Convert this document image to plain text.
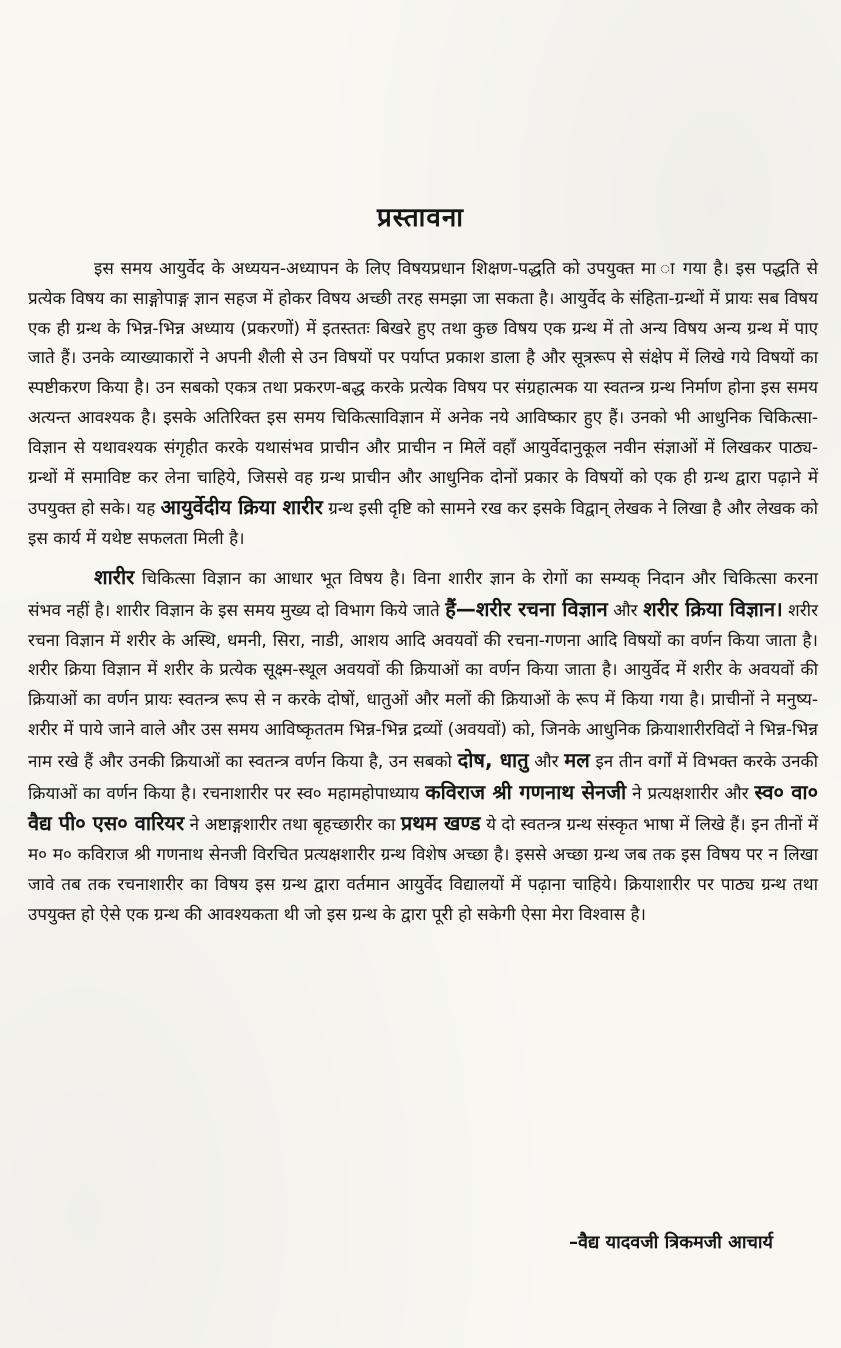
प्रस्तावना

इस समय आयुर्वेद के अध्ययन-अध्यापन के लिए विषयप्रधान शिक्षण-पद्धति को उपयुक्त मा ा गया है। इस पद्धति से प्रत्येक विषय का साङ्गोपाङ्ग ज्ञान सहज में होकर विषय अच्छी तरह समझा जा सकता है। आयुर्वेद के संहिता-ग्रन्थों में प्रायः सब विषय एक ही ग्रन्थ के भिन्न-भिन्न अध्याय (प्रकरणों) में इतस्ततः बिखरे हुए तथा कुछ विषय एक ग्रन्थ में तो अन्य विषय अन्य ग्रन्थ में पाए जाते हैं। उनके व्याख्याकारों ने अपनी शैली से उन विषयों पर पर्याप्त प्रकाश डाला है और सूत्ररूप से संक्षेप में लिखे गये विषयों का स्पष्टीकरण किया है। उन सबको एकत्र तथा प्रकरण-बद्ध करके प्रत्येक विषय पर संग्रहात्मक या स्वतन्त्र ग्रन्थ निर्माण होना इस समय अत्यन्त आवश्यक है। इसके अतिरिक्त इस समय चिकित्साविज्ञान में अनेक नये आविष्कार हुए हैं। उनको भी आधुनिक चिकित्सा-विज्ञान से यथावश्यक संगृहीत करके यथासंभव प्राचीन और प्राचीन न मिलें वहाँ आयुर्वेदानुकूल नवीन संज्ञाओं में लिखकर पाठ्य-ग्रन्थों में समाविष्ट कर लेना चाहिये, जिससे वह ग्रन्थ प्राचीन और आधुनिक दोनों प्रकार के विषयों को एक ही ग्रन्थ द्वारा पढ़ाने में उपयुक्त हो सके। यह आयुर्वेदीय क्रिया शारीर ग्रन्थ इसी दृष्टि को सामने रख कर इसके विद्वान् लेखक ने लिखा है और लेखक को इस कार्य में यथेष्ट सफलता मिली है।

शारीर चिकित्सा विज्ञान का आधार भूत विषय है। विना शारीर ज्ञान के रोगों का सम्यक् निदान और चिकित्सा करना संभव नहीं है। शारीर विज्ञान के इस समय मुख्य दो विभाग किये जाते हैं—शरीर रचना विज्ञान और शरीर क्रिया विज्ञान। शरीर रचना विज्ञान में शरीर के अस्थि, धमनी, सिरा, नाडी, आशय आदि अवयवों की रचना-गणना आदि विषयों का वर्णन किया जाता है। शरीर क्रिया विज्ञान में शरीर के प्रत्येक सूक्ष्म-स्थूल अवयवों की क्रियाओं का वर्णन किया जाता है। आयुर्वेद में शरीर के अवयवों की क्रियाओं का वर्णन प्रायः स्वतन्त्र रूप से न करके दोषों, धातुओं और मलों की क्रियाओं के रूप में किया गया है। प्राचीनों ने मनुष्य-शरीर में पाये जाने वाले और उस समय आविष्कृततम भिन्न-भिन्न द्रव्यों (अवयवों) को, जिनके आधुनिक क्रियाशारीरविदों ने भिन्न-भिन्न नाम रखे हैं और उनकी क्रियाओं का स्वतन्त्र वर्णन किया है, उन सबको दोष, धातु और मल इन तीन वर्गों में विभक्त करके उनकी क्रियाओं का वर्णन किया है। रचनाशारीर पर स्व० महामहोपाध्याय कविराज श्री गणनाथ सेनजी ने प्रत्यक्षशारीर और स्व० वा० वैद्य पी० एस० वारियर ने अष्टाङ्गशारीर तथा बृहच्छारीर का प्रथम खण्ड ये दो स्वतन्त्र ग्रन्थ संस्कृत भाषा में लिखे हैं। इन तीनों में म० म० कविराज श्री गणनाथ सेनजी विरचित प्रत्यक्षशारीर ग्रन्थ विशेष अच्छा है। इससे अच्छा ग्रन्थ जब तक इस विषय पर न लिखा जावे तब तक रचनाशारीर का विषय इस ग्रन्थ द्वारा वर्तमान आयुर्वेद विद्यालयों में पढ़ाना चाहिये। क्रियाशारीर पर पाठ्य ग्रन्थ तथा उपयुक्त हो ऐसे एक ग्रन्थ की आवश्यकता थी जो इस ग्रन्थ के द्वारा पूरी हो सकेगी ऐसा मेरा विश्वास है।

–वैद्य यादवजी त्रिकमजी आचार्य
